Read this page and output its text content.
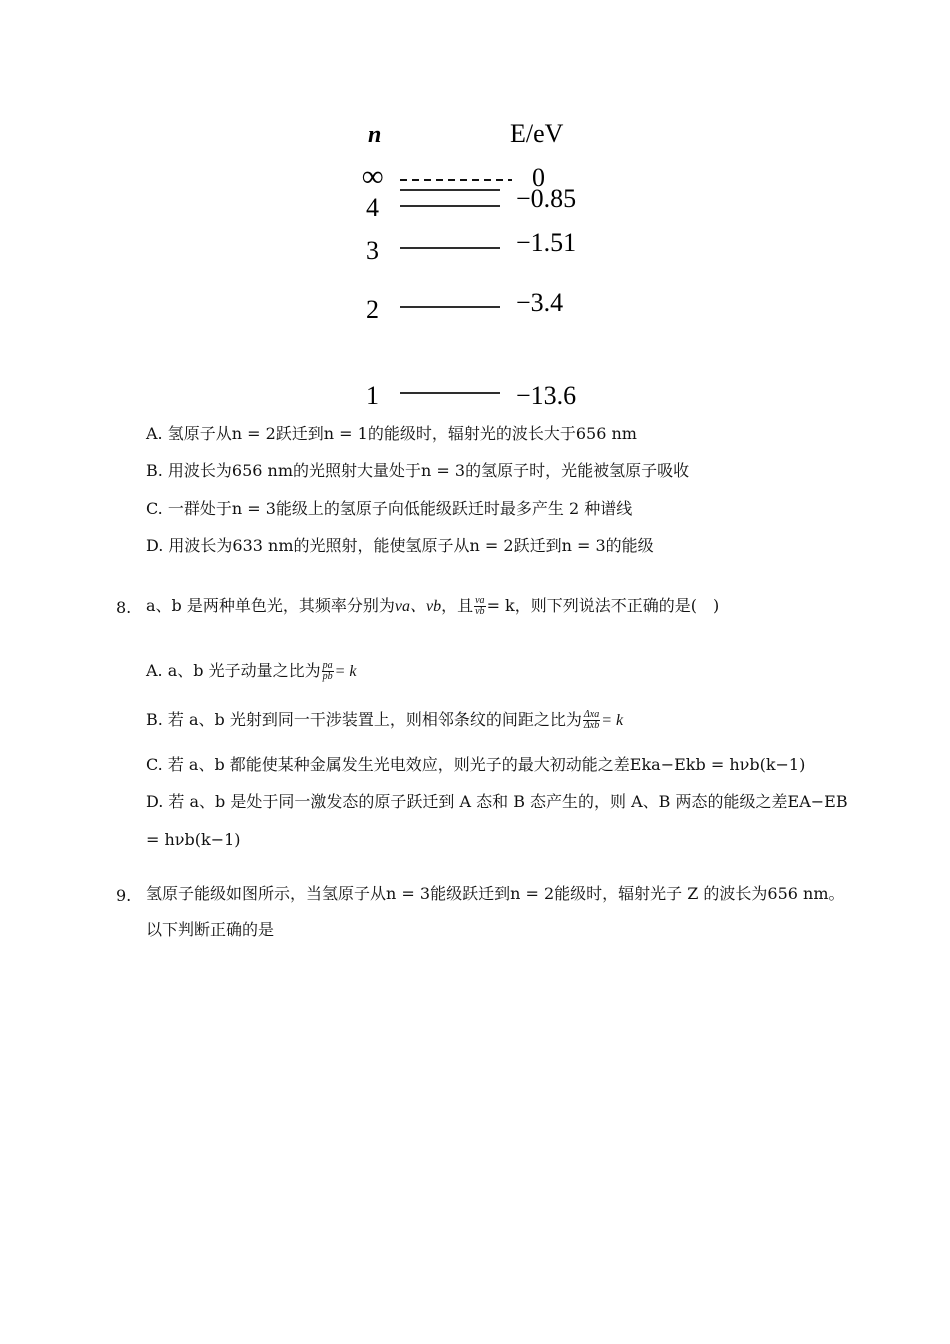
n	E/eV
∞	0
4	−0.85
3	−1.51
2	−3.4
1	−13.6
A. 氢原子从n = 2跃迁到n = 1的能级时，辐射光的波长大于656 nm
B. 用波长为656 nm的光照射大量处于n = 3的氢原子时，光能被氢原子吸收
C. 一群处于n = 3能级上的氢原子向低能级跃迁时最多产生 2 种谱线
D. 用波长为633 nm的光照射，能使氢原子从n = 2跃迁到n = 3的能级
8. a、b 是两种单色光，其频率分别为νa、νb，且 $\frac{\nu a}{\nu b} = k$，则下列说法不正确的是(　)
A. a、b 光子动量之比为 $\frac{pa}{pb} = k$
B. 若 a、b 光射到同一干涉装置上，则相邻条纹的间距之比为 $\frac{\text{Δxa}}{\text{Δxb}} = k$
C. 若 a、b 都能使某种金属发生光电效应，则光子的最大初动能之差Eka−Ekb = hνb(k−1)
D. 若 a、b 是处于同一激发态的原子跃迁到 A 态和 B 态产生的，则 A、B 两态的能级之差EA−EB
= hνb(k−1)
9. 氢原子能级如图所示，当氢原子从n = 3能级跃迁到n = 2能级时，辐射光子 Z 的波长为656 nm。
以下判断正确的是
